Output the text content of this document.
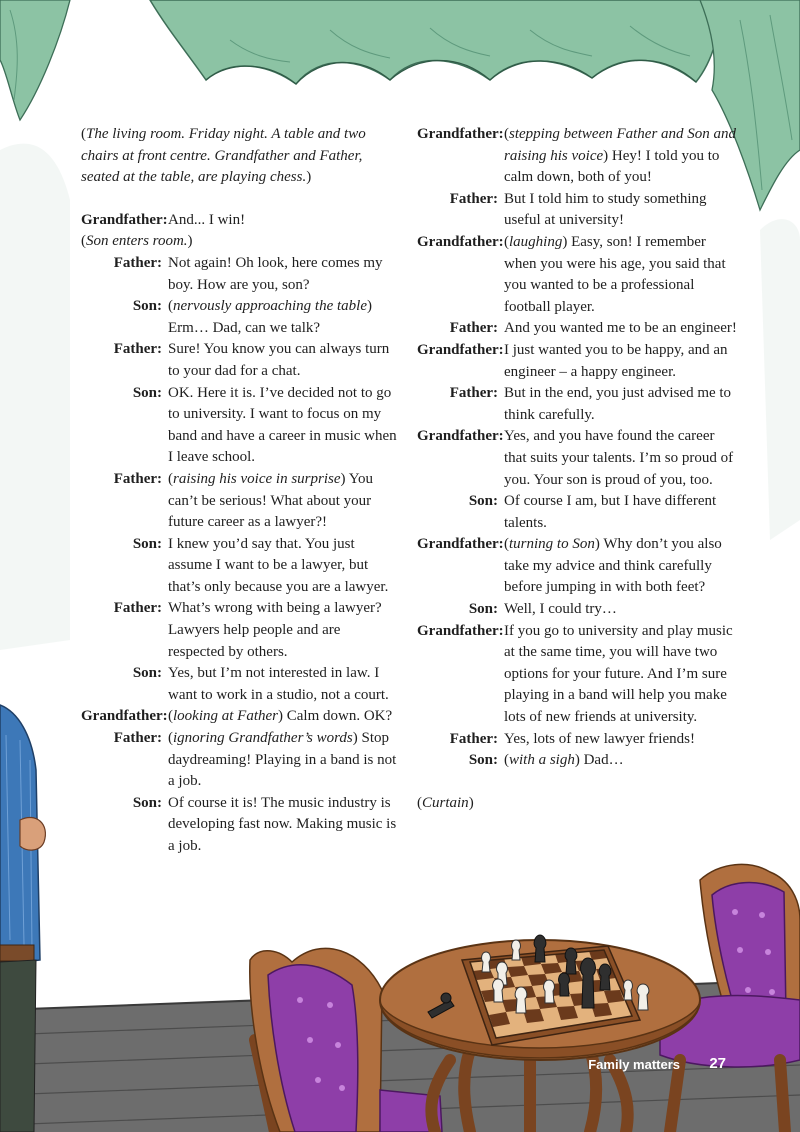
(The living room. Friday night. A table and two chairs at front centre. Grandfather and Father, seated at the table, are playing chess.)
Grandfather: And... I win!
(Son enters room.)
Father: Not again! Oh look, here comes my boy. How are you, son?
Son: (nervously approaching the table) Erm… Dad, can we talk?
Father: Sure! You know you can always turn to your dad for a chat.
Son: OK. Here it is. I’ve decided not to go to university. I want to focus on my band and have a career in music when I leave school.
Father: (raising his voice in surprise) You can’t be serious! What about your future career as a lawyer?!
Son: I knew you’d say that. You just assume I want to be a lawyer, but that’s only because you are a lawyer.
Father: What’s wrong with being a lawyer? Lawyers help people and are respected by others.
Son: Yes, but I’m not interested in law. I want to work in a studio, not a court.
Grandfather: (looking at Father) Calm down. OK?
Father: (ignoring Grandfather’s words) Stop daydreaming! Playing in a band is not a job.
Son: Of course it is! The music industry is developing fast now. Making music is a job.
Grandfather: (stepping between Father and Son and raising his voice) Hey! I told you to calm down, both of you!
Father: But I told him to study something useful at university!
Grandfather: (laughing) Easy, son! I remember when you were his age, you said that you wanted to be a professional football player.
Father: And you wanted me to be an engineer!
Grandfather: I just wanted you to be happy, and an engineer – a happy engineer.
Father: But in the end, you just advised me to think carefully.
Grandfather: Yes, and you have found the career that suits your talents. I’m so proud of you. Your son is proud of you, too.
Son: Of course I am, but I have different talents.
Grandfather: (turning to Son) Why don’t you also take my advice and think carefully before jumping in with both feet?
Son: Well, I could try…
Grandfather: If you go to university and play music at the same time, you will have two options for your future. And I’m sure playing in a band will help you make lots of new friends at university.
Father: Yes, lots of new lawyer friends!
Son: (with a sigh) Dad…
(Curtain)
Family matters 27
